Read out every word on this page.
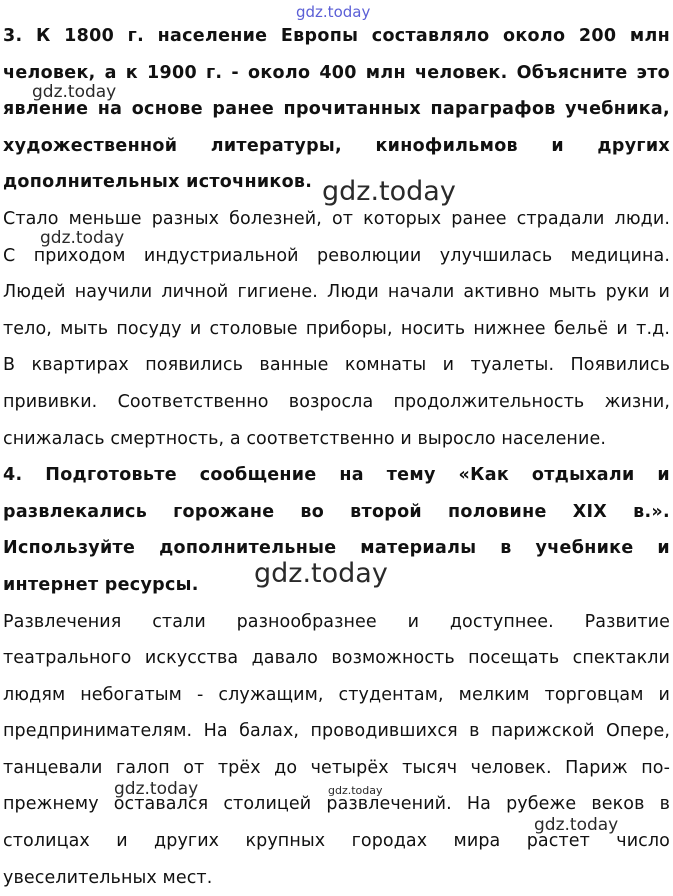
3. К 1800 г. население Европы составляло около 200 млн
человек, а к 1900 г. - около 400 млн человек. Объясните это
явление на основе ранее прочитанных параграфов учебника,
художественной литературы, кинофильмов и других
дополнительных источников.
Стало меньше разных болезней, от которых ранее страдали люди.
С приходом индустриальной революции улучшилась медицина.
Людей научили личной гигиене. Люди начали активно мыть руки и
тело, мыть посуду и столовые приборы, носить нижнее бельё и т.д.
В квартирах появились ванные комнаты и туалеты. Появились
прививки. Соответственно возросла продолжительность жизни,
снижалась смертность, а соответственно и выросло население.
4. Подготовьте сообщение на тему «Как отдыхали и
развлекались горожане во второй половине XIX в.».
Используйте дополнительные материалы в учебнике и
интернет ресурсы.
Развлечения стали разнообразнее и доступнее. Развитие
театрального искусства давало возможность посещать спектакли
людям небогатым - служащим, студентам, мелким торговцам и
предпринимателям. На балах, проводившихся в парижской Опере,
танцевали галоп от трёх до четырёх тысяч человек. Париж по-
прежнему оставался столицей развлечений. На рубеже веков в
столицах и других крупных городах мира растет число
увеселительных мест.
gdz.today
gdz.today
gdz.today
gdz.today
gdz.today
gdz.today	gdz.today
gdz.today
